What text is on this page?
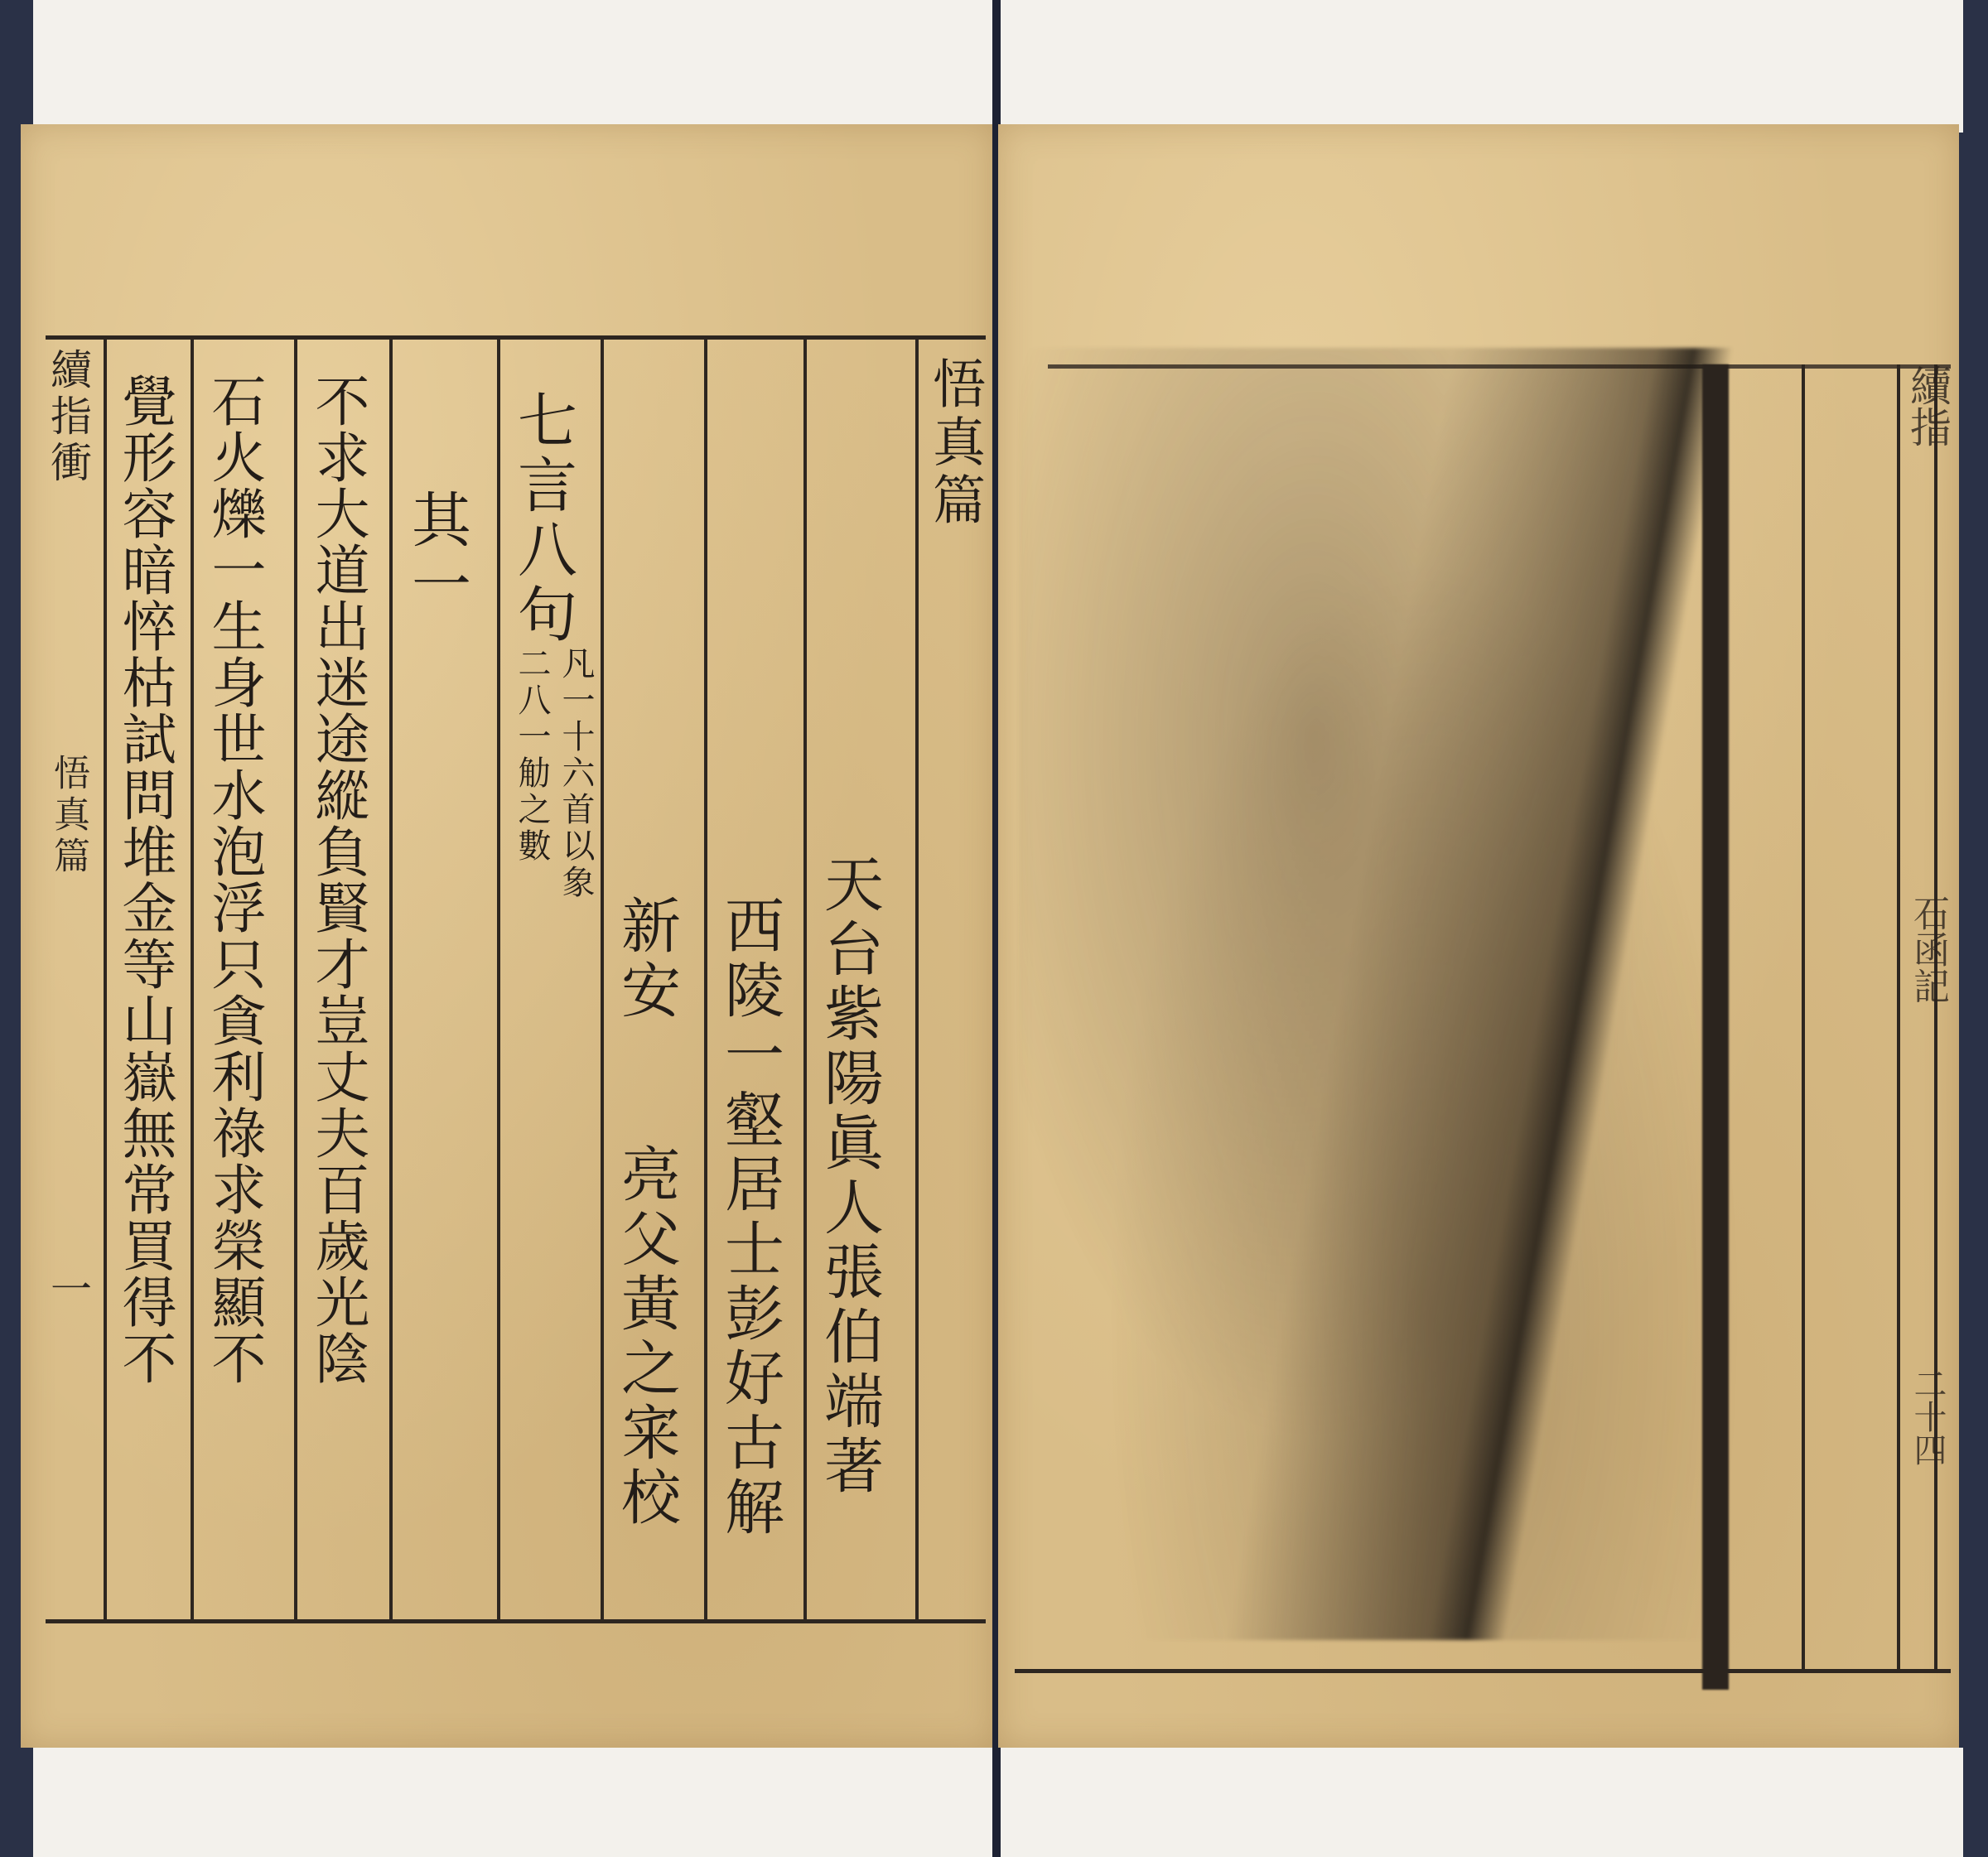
續指衝
悟真篇
一
悟真篇
天台紫陽眞人張伯端著
西陵一壑居士彭好古解
新安
亮父黃之宷校
七言八句
凡一十六首以象
二八一觔之數
其一
不求大道出迷途縱負賢才豈丈夫百歲光陰
石火爍一生身世水泡浮只貪利祿求榮顯不
覺形容暗悴枯試問堆金等山嶽無常買得不	續指
石函記
二十四
